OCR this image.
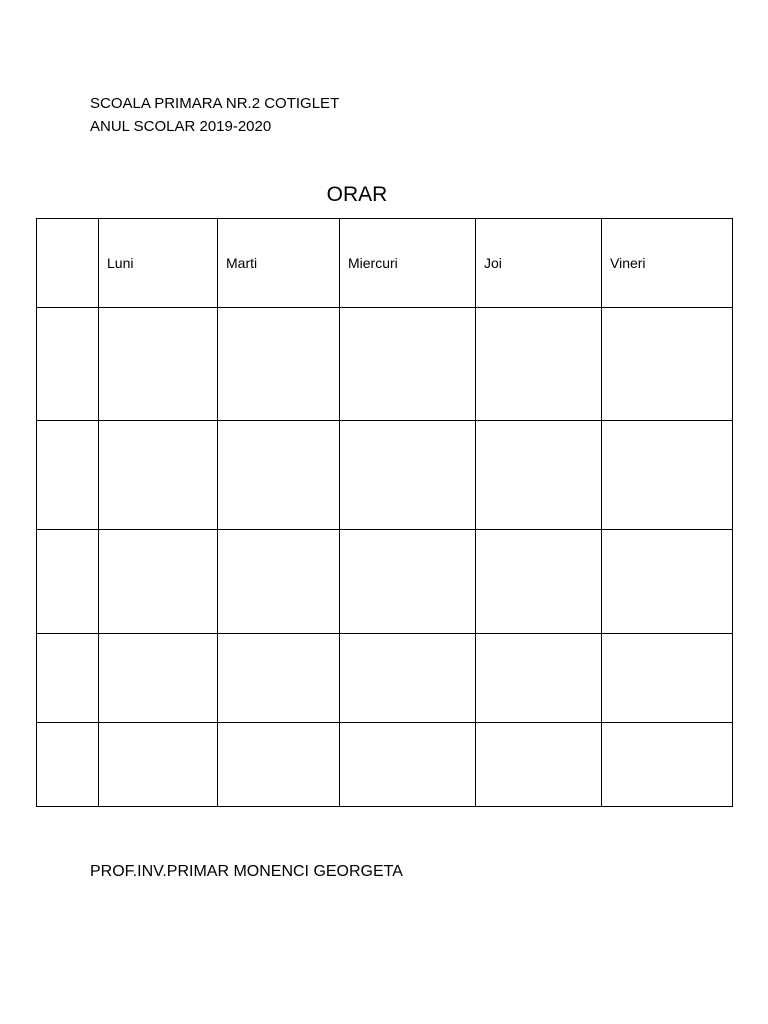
SCOALA PRIMARA NR.2 COTIGLET
ANUL SCOLAR 2019-2020
ORAR
	Luni	Marti	Miercuri	Joi	Vineri

PROF.INV.PRIMAR MONENCI GEORGETA
